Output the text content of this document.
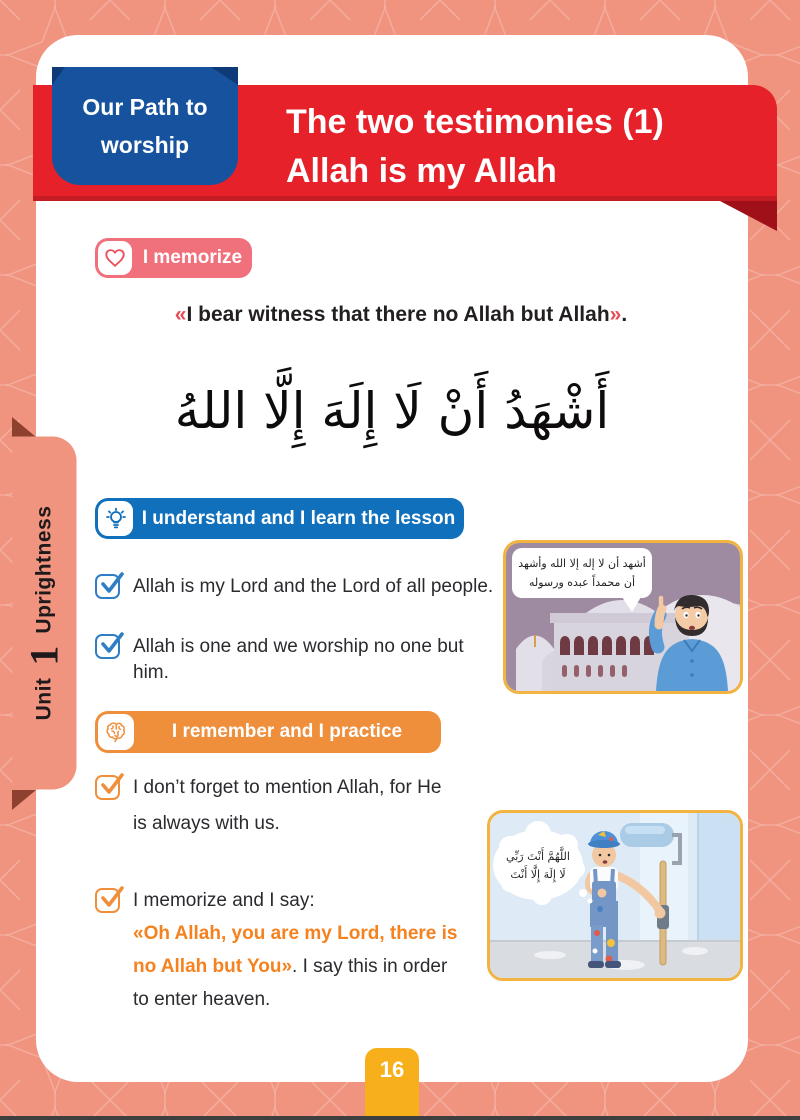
Unit
1
Uprightness
Our Path to
worship
The two testimonies (1)
Allah is my Allah
I memorize
«I bear witness that there no Allah but Allah».
أَشْهَدُ أَنْ لَا إِلَهَ إِلَّا اللهُ
I understand and I learn the lesson
Allah is my Lord and the Lord of all people.
Allah is one and we worship no one but him.
أشهد أن لا إله إلا الله وأشهد
أن محمداً عبده ورسوله
I remember and I practice
I don’t forget to mention Allah, for He is always with us.
I memorize and I say:
«Oh Allah, you are my Lord, there is no Allah but You». I say this in order to enter heaven.
اللَّهُمَّ أَنْتَ رَبِّي
لَا إِلَهَ إِلَّا أَنْتَ
16
